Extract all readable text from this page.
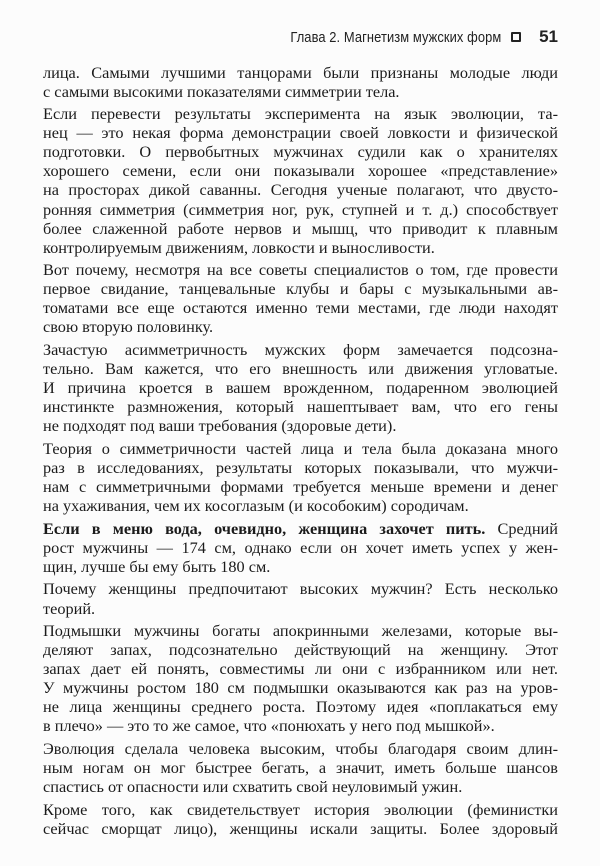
Глава 2. Магнетизм мужских форм 51
лица. Самыми лучшими танцорами были признаны молодые люди
с самыми высокими показателями симметрии тела.
Если перевести результаты эксперимента на язык эволюции, та-
нец — это некая форма демонстрации своей ловкости и физической
подготовки. О первобытных мужчинах судили как о хранителях
хорошего семени, если они показывали хорошее «представление»
на просторах дикой саванны. Сегодня ученые полагают, что двусто-
ронняя симметрия (симметрия ног, рук, ступней и т. д.) способствует
более слаженной работе нервов и мышц, что приводит к плавным
контролируемым движениям, ловкости и выносливости.
Вот почему, несмотря на все советы специалистов о том, где провести
первое свидание, танцевальные клубы и бары с музыкальными ав-
томатами все еще остаются именно теми местами, где люди находят
свою вторую половинку.
Зачастую асимметричность мужских форм замечается подсозна-
тельно. Вам кажется, что его внешность или движения угловатые.
И причина кроется в вашем врожденном, подаренном эволюцией
инстинкте размножения, который нашептывает вам, что его гены
не подходят под ваши требования (здоровые дети).
Теория о симметричности частей лица и тела была доказана много
раз в исследованиях, результаты которых показывали, что мужчи-
нам с симметричными формами требуется меньше времени и денег
на ухаживания, чем их косоглазым (и кособоким) сородичам.
Если в меню вода, очевидно, женщина захочет пить. Средний
рост мужчины — 174 см, однако если он хочет иметь успех у жен-
щин, лучше бы ему быть 180 см.
Почему женщины предпочитают высоких мужчин? Есть несколько
теорий.
Подмышки мужчины богаты апокринными железами, которые вы-
деляют запах, подсознательно действующий на женщину. Этот
запах дает ей понять, совместимы ли они с избранником или нет.
У мужчины ростом 180 см подмышки оказываются как раз на уров-
не лица женщины среднего роста. Поэтому идея «поплакаться ему
в плечо» — это то же самое, что «понюхать у него под мышкой».
Эволюция сделала человека высоким, чтобы благодаря своим длин-
ным ногам он мог быстрее бегать, а значит, иметь больше шансов
спастись от опасности или схватить свой неуловимый ужин.
Кроме того, как свидетельствует история эволюции (феминистки
сейчас сморщат лицо), женщины искали защиты. Более здоровый
